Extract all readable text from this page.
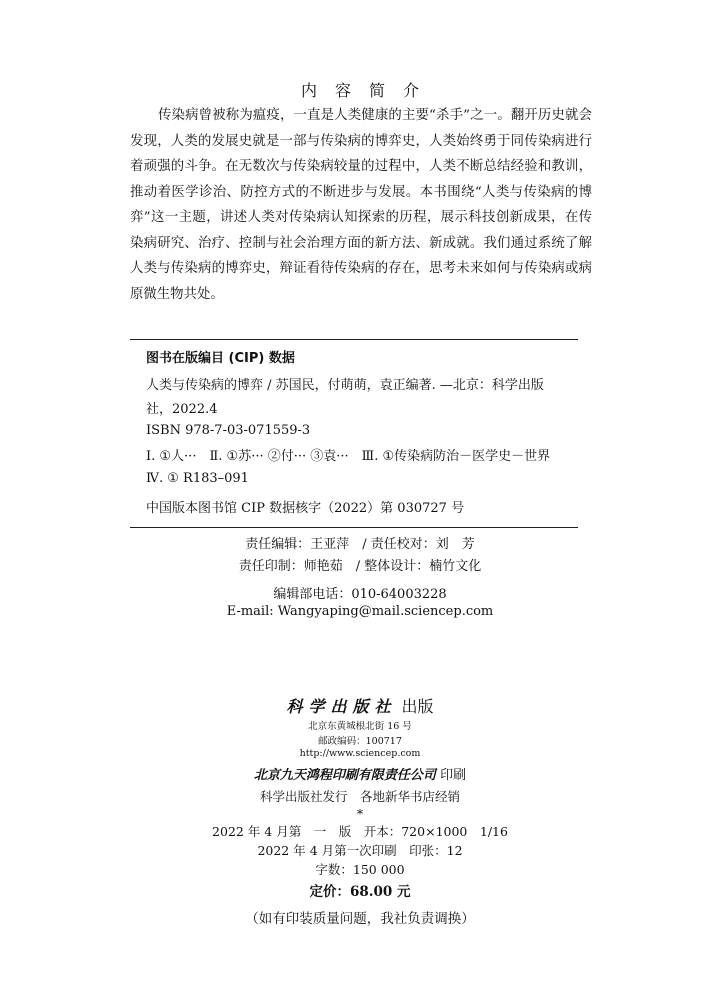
内容简介

传染病曾被称为瘟疫，一直是人类健康的主要“杀手”之一。翻开历史就会发现，人类的发展史就是一部与传染病的博弈史，人类始终勇于同传染病进行着顽强的斗争。在无数次与传染病较量的过程中，人类不断总结经验和教训，推动着医学诊治、防控方式的不断进步与发展。本书围绕“人类与传染病的博弈”这一主题，讲述人类对传染病认知探索的历程，展示科技创新成果，在传染病研究、治疗、控制与社会治理方面的新方法、新成就。我们通过系统了解人类与传染病的博弈史，辩证看待传染病的存在，思考未来如何与传染病或病原微生物共处。

图书在版编目 (CIP) 数据

人类与传染病的博弈 / 苏国民，付萌萌，袁正编著. —北京：科学出版社，2022.4

ISBN 978-7-03-071559-3

Ⅰ. ①人···　Ⅱ. ①苏··· ②付··· ③袁···　Ⅲ. ①传染病防治－医学史－世界

Ⅳ. ① R183–091

中国版本图书馆 CIP 数据核字（2022）第 030727 号

责任编辑：王亚萍　/ 责任校对：刘　芳
责任印制：师艳茹　/ 整体设计：楠竹文化
编辑部电话：010-64003228
E-mail: Wangyaping@mail.sciencep.com
科学出版社 出版
北京东黄城根北街 16 号
邮政编码：100717
http://www.sciencep.com
北京九天鸿程印刷有限责任公司 印刷
科学出版社发行　各地新华书店经销
*
2022 年 4 月第　一　版　开本：720×1000　1/16
2022 年 4 月第一次印刷　印张：12
字数：150 000
定价：68.00 元
（如有印装质量问题，我社负责调换）
